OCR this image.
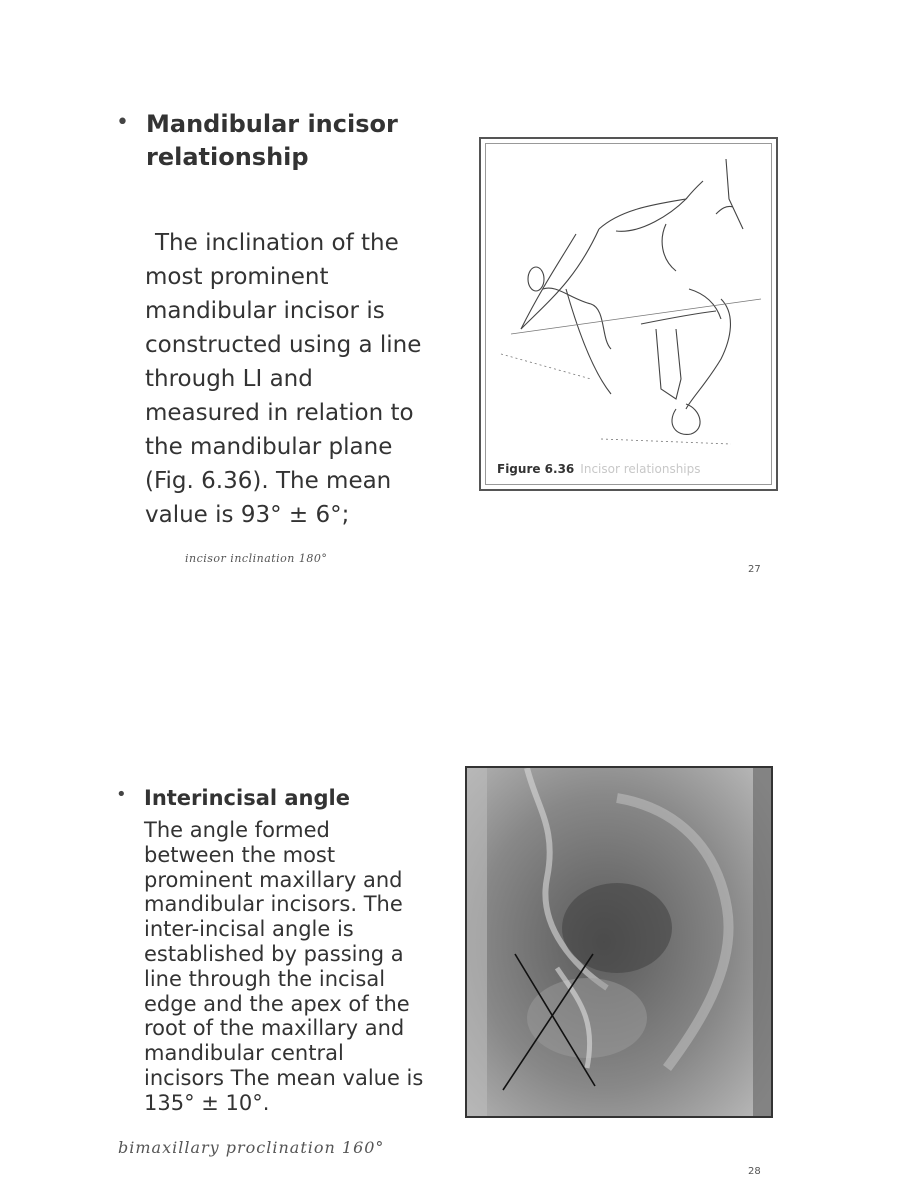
• Mandibular incisor
relationship
The inclination of the
most prominent
mandibular incisor is
constructed using a line
through LI and
measured in relation to
the mandibular plane
(Fig. 6.36). The mean
value is 93° ± 6°;
Figure 6.36 Incisor relationships
incisor inclination 180°
27
• Interincisal angle
The angle formed
between the most
prominent maxillary and
mandibular incisors. The
inter-incisal angle is
established by passing a
line through the incisal
edge and the apex of the
root of the maxillary and
mandibular central
incisors The mean value is
135° ± 10°.
bimaxillary proclination 160°
28
